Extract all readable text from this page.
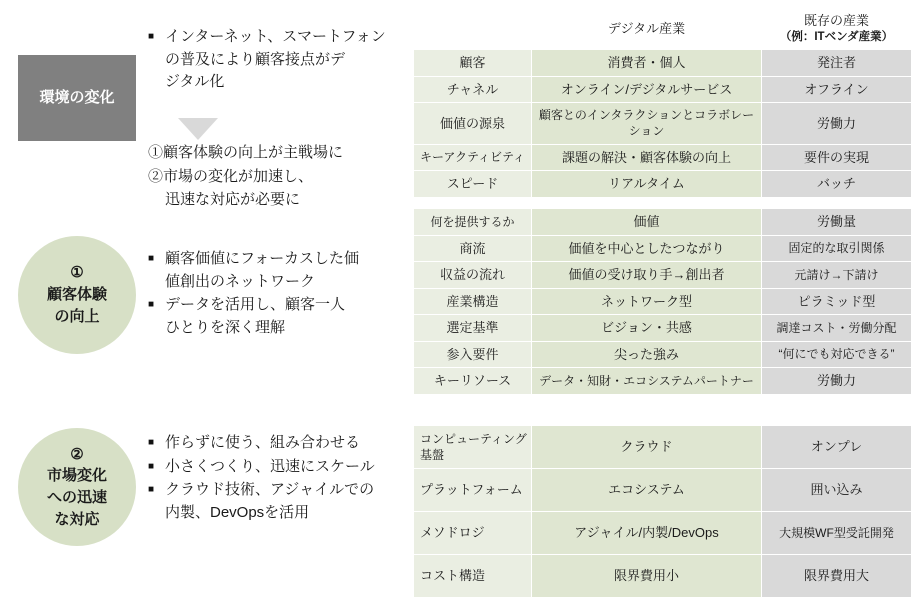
環境の変化
①
顧客体験
の向上
②
市場変化
への迅速
な対応
■ インターネット、スマートフォン
の普及により顧客接点がデ
ジタル化
①顧客体験の向上が主戦場に
②市場の変化が加速し、
迅速な対応が必要に
■ 顧客価値にフォーカスした価
値創出のネットワーク
■ データを活用し、顧客一人
ひとりを深く理解
■ 作らずに使う、組み合わせる
■ 小さくつくり、迅速にスケール
■ クラウド技術、アジャイルでの
内製、DevOpsを活用
	デジタル産業	既存の産業
（例：ITベンダ産業）

顧客	消費者・個人	発注者
チャネル	オンライン/デジタルサービス	オフライン
価値の源泉	顧客とのインタラクションとコラボレーション	労働力
キーアクティビティ	課題の解決・顧客体験の向上	要件の実現
スピード	リアルタイム	バッチ
何を提供するか	価値	労働量
商流	価値を中心としたつながり	固定的な取引関係
収益の流れ	価値の受け取り手→創出者	元請け→下請け
産業構造	ネットワーク型	ピラミッド型
選定基準	ビジョン・共感	調達コスト・労働分配
参入要件	尖った強み	“何にでも対応できる”
キーリソース	データ・知財・エコシステムパートナー	労働力
コンピューティング
基盤	クラウド	オンプレ
プラットフォーム	エコシステム	囲い込み
メソドロジ	アジャイル/内製/DevOps	大規模WF型受託開発
コスト構造	限界費用小	限界費用大
